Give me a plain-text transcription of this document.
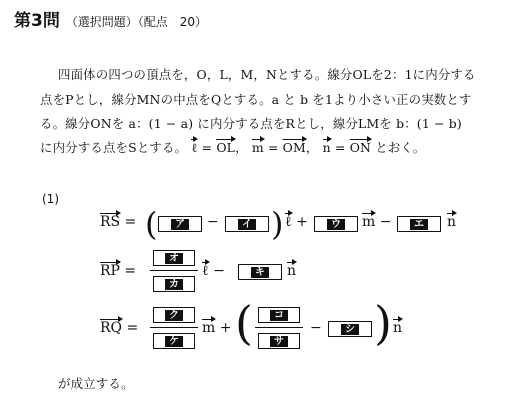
第3問 （選択問題）（配点　20）
四面体の四つの頂点を，O，L，M，Nとする。線分OLを2：1に内分する
点をPとし，線分MNの中点をQとする。a と b を1より小さい正の実数とす
る。線分ONを a：(1 − a) に内分する点をRとし，線分LMを b：(1 − b)
に内分する点をSとする。 ℓ = $\overline{OL}$， $m = \overline{OM}$， $n = \overline{ON}$ とおく。
(1)
$\overline{RS}$ = (	ア −	イ ) ℓ +	ウ m −	エ n
$\overline{RP}$ =
オ
カ
ℓ −	キ n
$\overline{RQ}$ =
ク
ケ
m + (	コ
サ
−	シ ) n
が成立する。
